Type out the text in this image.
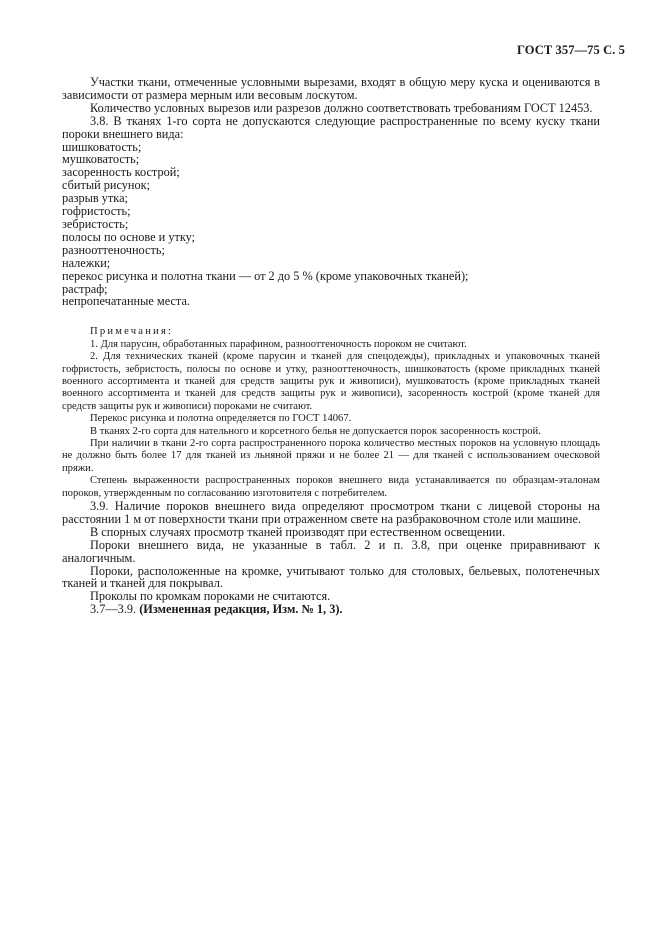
ГОСТ 357—75 С. 5

Участки ткани, отмеченные условными вырезами, входят в общую меру куска и оцениваются в зависимости от размера мерным или весовым лоскутом.

Количество условных вырезов или разрезов должно соответствовать требованиям ГОСТ 12453.

3.8. В тканях 1-го сорта не допускаются следующие распространенные по всему куску ткани пороки внешнего вида:

шишковатость;
мушковатость;
засоренность кострой;
сбитый рисунок;
разрыв утка;
гофристость;
зебристость;
полосы по основе и утку;
разнооттеночность;
належки;
перекос рисунка и полотна ткани — от 2 до 5 % (кроме упаковочных тканей);
растраф;
непропечатанные места.

Примечания:

1. Для парусин, обработанных парафином, разнооттеночность пороком не считают.

2. Для технических тканей (кроме парусин и тканей для спецодежды), прикладных и упаковочных тканей гофристость, зебристость, полосы по основе и утку, разнооттеночность, шишковатость (кроме прикладных тканей военного ассортимента и тканей для средств защиты рук и живописи), мушковатость (кроме прикладных тканей военного ассортимента и тканей для средств защиты рук и живописи), засоренность кострой (кроме тканей для средств защиты рук и живописи) пороками не считают.

Перекос рисунка и полотна определяется по ГОСТ 14067.

В тканях 2-го сорта для нательного и корсетного белья не допускается порок засоренность кострой.

При наличии в ткани 2-го сорта распространенного порока количество местных пороков на условную площадь не должно быть более 17 для тканей из льняной пряжи и не более 21 — для тканей с использованием оческовой пряжи.

Степень выраженности распространенных пороков внешнего вида устанавливается по образцам-эталонам пороков, утвержденным по согласованию изготовителя с потребителем.

3.9. Наличие пороков внешнего вида определяют просмотром ткани с лицевой стороны на расстоянии 1 м от поверхности ткани при отраженном свете на разбраковочном столе или машине.

В спорных случаях просмотр тканей производят при естественном освещении.

Пороки внешнего вида, не указанные в табл. 2 и п. 3.8, при оценке приравнивают к аналогичным.

Пороки, расположенные на кромке, учитывают только для столовых, бельевых, полотенечных тканей и тканей для покрывал.

Проколы по кромкам пороками не считаются.

3.7—3.9. (Измененная редакция, Изм. № 1, 3).
